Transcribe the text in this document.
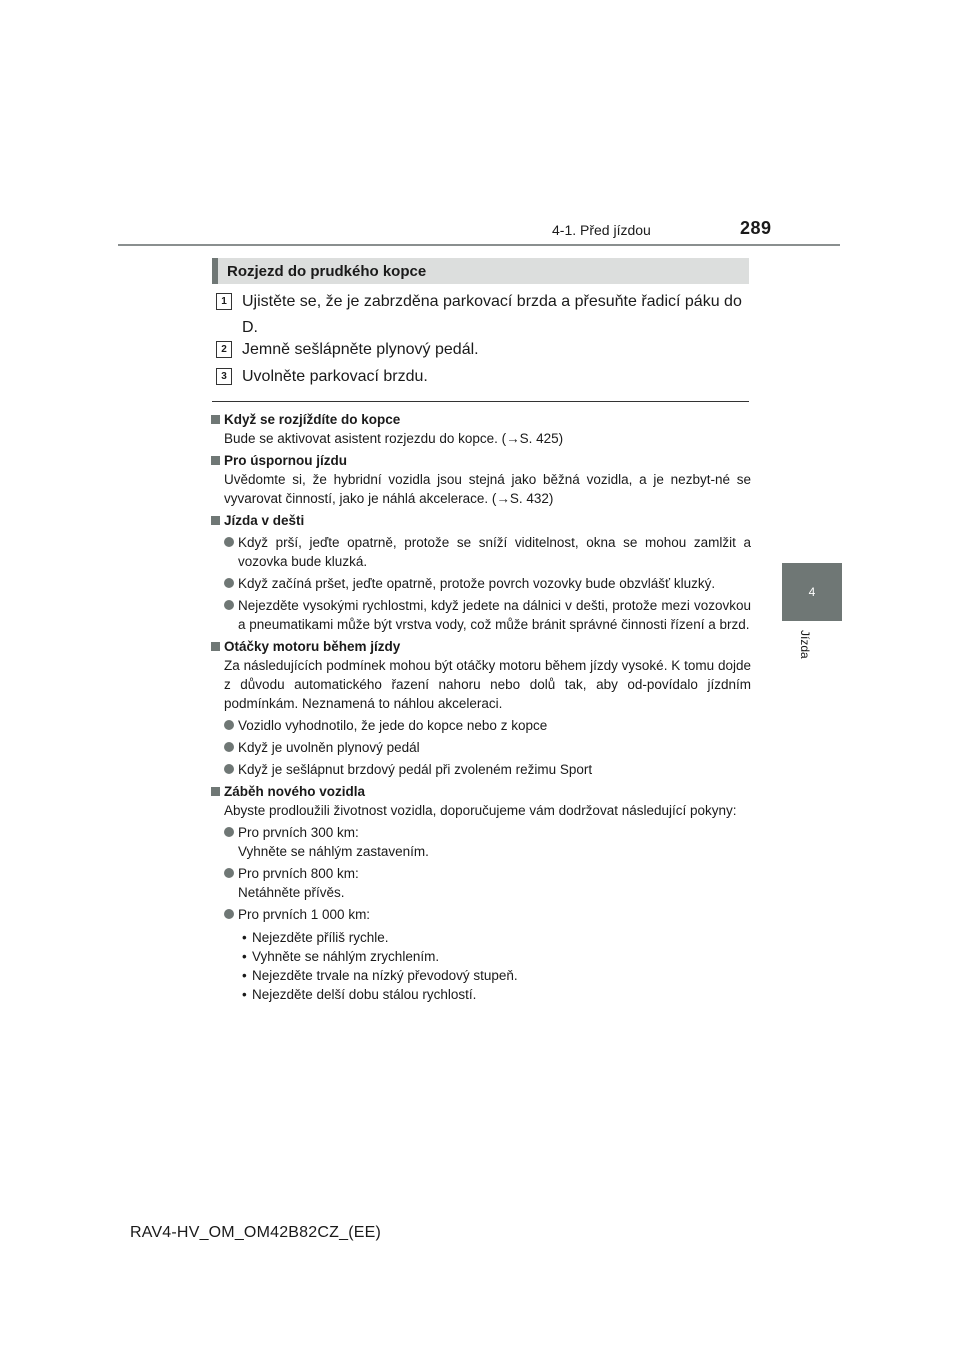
4-1. Před jízdou	289
4
Jízda
Rozjezd do prudkého kopce
1 Ujistěte se, že je zabrzděna parkovací brzda a přesuňte řadicí páku do D.
2 Jemně sešlápněte plynový pedál.
3 Uvolněte parkovací brzdu.
Když se rozjíždíte do kopce
Bude se aktivovat asistent rozjezdu do kopce. (→S. 425)
Pro úspornou jízdu
Uvědomte si, že hybridní vozidla jsou stejná jako běžná vozidla, a je nezbyt-né se vyvarovat činností, jako je náhlá akcelerace. (→S. 432)
Jízda v dešti
Když prší, jeďte opatrně, protože se sníží viditelnost, okna se mohou zamlžit a vozovka bude kluzká.
Když začíná pršet, jeďte opatrně, protože povrch vozovky bude obzvlášť kluzký.
Nejezděte vysokými rychlostmi, když jedete na dálnici v dešti, protože mezi vozovkou a pneumatikami může být vrstva vody, což může bránit správné činnosti řízení a brzd.
Otáčky motoru během jízdy
Za následujících podmínek mohou být otáčky motoru během jízdy vysoké. K tomu dojde z důvodu automatického řazení nahoru nebo dolů tak, aby od-povídalo jízdním podmínkám. Neznamená to náhlou akceleraci.
Vozidlo vyhodnotilo, že jede do kopce nebo z kopce
Když je uvolněn plynový pedál
Když je sešlápnut brzdový pedál při zvoleném režimu Sport
Záběh nového vozidla
Abyste prodloužili životnost vozidla, doporučujeme vám dodržovat následující pokyny:
Pro prvních 300 km:
Vyhněte se náhlým zastavením.
Pro prvních 800 km:
Netáhněte přívěs.
Pro prvních 1 000 km:
• Nejezděte příliš rychle.
• Vyhněte se náhlým zrychlením.
• Nejezděte trvale na nízký převodový stupeň.
• Nejezděte delší dobu stálou rychlostí.
RAV4-HV_OM_OM42B82CZ_(EE)
